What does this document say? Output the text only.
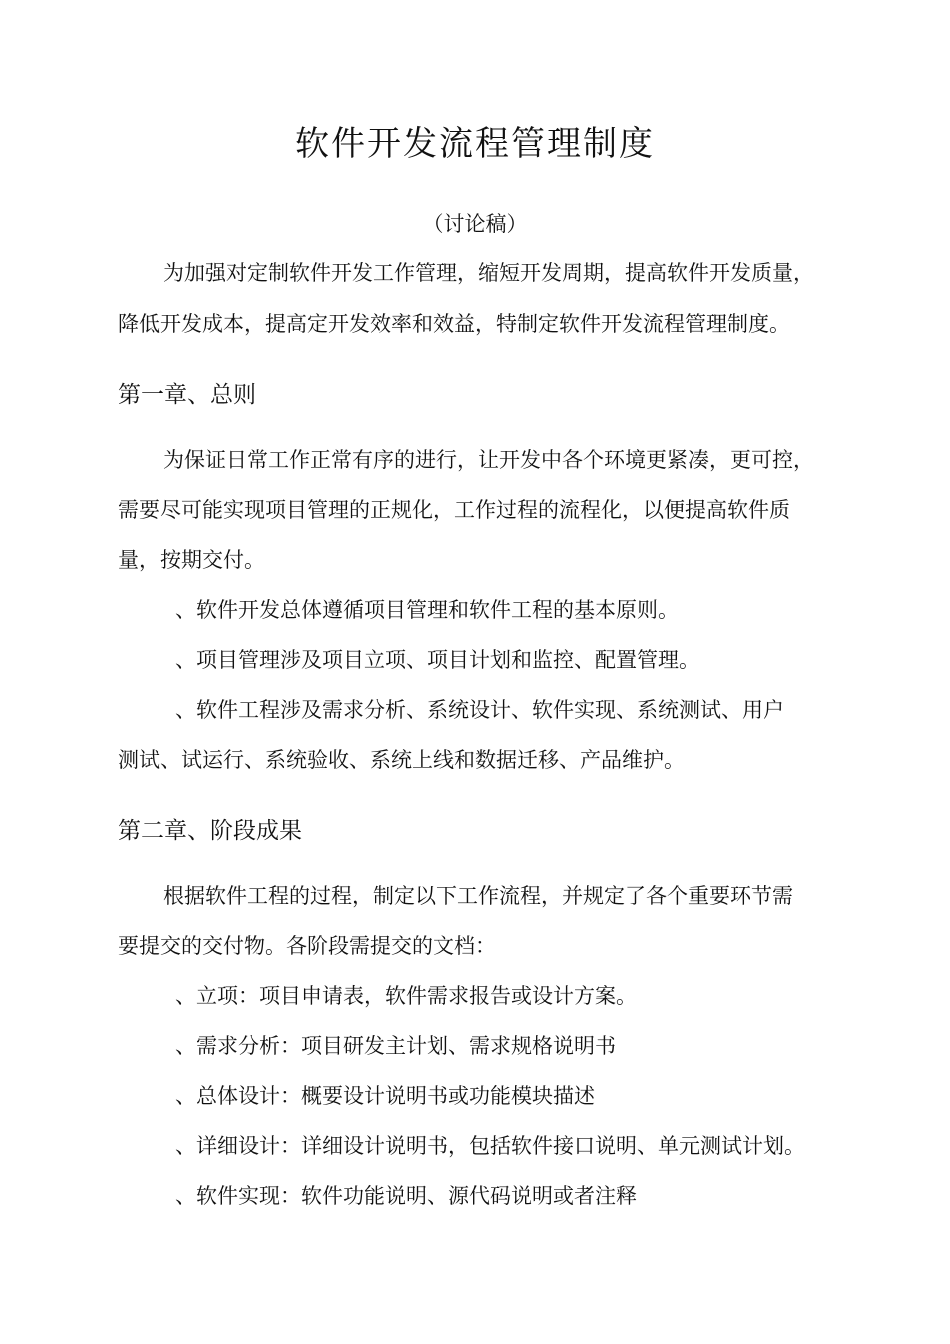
软件开发流程管理制度
（讨论稿）
为加强对定制软件开发工作管理，缩短开发周期，提高软件开发质量，
降低开发成本，提高定开发效率和效益，特制定软件开发流程管理制度。
第一章、总则
为保证日常工作正常有序的进行，让开发中各个环境更紧凑，更可控，
需要尽可能实现项目管理的正规化，工作过程的流程化，以便提高软件质
量，按期交付。
、软件开发总体遵循项目管理和软件工程的基本原则。
、项目管理涉及项目立项、项目计划和监控、配置管理。
、软件工程涉及需求分析、系统设计、软件实现、系统测试、用户
测试、试运行、系统验收、系统上线和数据迁移、产品维护。
第二章、阶段成果
根据软件工程的过程，制定以下工作流程，并规定了各个重要环节需
要提交的交付物。各阶段需提交的文档：
、立项：项目申请表，软件需求报告或设计方案。
、需求分析：项目研发主计划、需求规格说明书
、总体设计：概要设计说明书或功能模块描述
、详细设计：详细设计说明书，包括软件接口说明、单元测试计划。
、软件实现：软件功能说明、源代码说明或者注释
